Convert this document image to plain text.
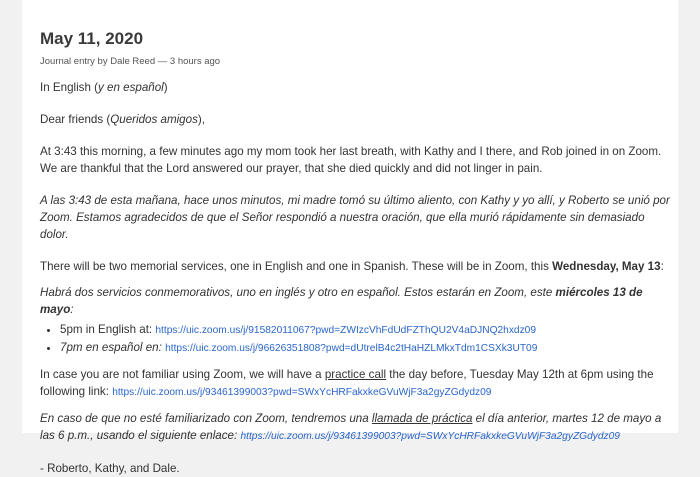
May 11, 2020
Journal entry by Dale Reed — 3 hours ago

In English (y en español)

Dear friends (Queridos amigos),

At 3:43 this morning, a few minutes ago my mom took her last breath, with Kathy and I there, and Rob joined in on Zoom. We are thankful that the Lord answered our prayer, that she died quickly and did not linger in pain.

A las 3:43 de esta mañana, hace unos minutos, mi madre tomó su último aliento, con Kathy y yo allí, y Roberto se unió por Zoom. Estamos agradecidos de que el Señor respondió a nuestra oración, que ella murió rápidamente sin demasiado dolor.

There will be two memorial services, one in English and one in Spanish. These will be in Zoom, this Wednesday, May 13:

Habrá dos servicios conmemorativos, uno en inglés y otro en español. Estos estarán en Zoom, este miércoles 13 de mayo:

• 5pm in English at: https://uic.zoom.us/j/91582011067?pwd=ZWIzcVhFdUdFZThQU2V4aDJNQ2hxdz09
• 7pm en español en: https://uic.zoom.us/j/96626351808?pwd=dUtrelB4c2tHaHZLMkxTdm1CSXk3UT09

In case you are not familiar using Zoom, we will have a practice call the day before, Tuesday May 12th at 6pm using the following link: https://uic.zoom.us/j/93461399003?pwd=SWxYcHRFakxkeGVuWjF3a2gyZGdydz09

En caso de que no esté familiarizado con Zoom, tendremos una llamada de práctica el día anterior, martes 12 de mayo a las 6 p.m., usando el siguiente enlace: https://uic.zoom.us/j/93461399003?pwd=SWxYcHRFakxkeGVuWjF3a2gyZGdydz09

- Roberto, Kathy, and Dale.
